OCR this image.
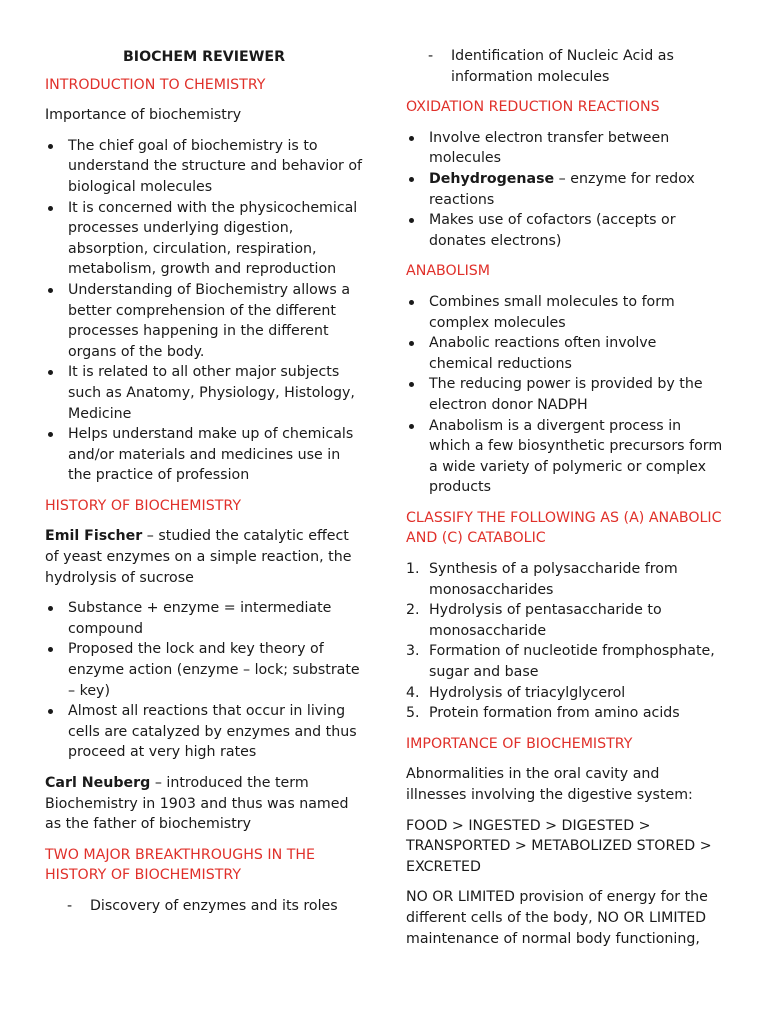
BIOCHEM REVIEWER
INTRODUCTION TO CHEMISTRY

Importance of biochemistry

The chief goal of biochemistry is to understand the structure and behavior of biological molecules
It is concerned with the physicochemical processes underlying digestion, absorption, circulation, respiration, metabolism, growth and reproduction
Understanding of Biochemistry allows a better comprehension of the different processes happening in the different organs of the body.
It is related to all other major subjects such as Anatomy, Physiology, Histology, Medicine
Helps understand make up of chemicals and/or materials and medicines use in the practice of profession
HISTORY OF BIOCHEMISTRY

Emil Fischer – studied the catalytic effect of yeast enzymes on a simple reaction, the hydrolysis of sucrose

Substance + enzyme = intermediate compound
Proposed the lock and key theory of enzyme action (enzyme – lock; substrate – key)
Almost all reactions that occur in living cells are catalyzed by enzymes and thus proceed at very high rates

Carl Neuberg – introduced the term Biochemistry in 1903 and thus was named as the father of biochemistry

TWO MAJOR BREAKTHROUGHS IN THE HISTORY OF BIOCHEMISTRY
- Discovery of enzymes and its roles
- Identification of Nucleic Acid as information molecules
OXIDATION REDUCTION REACTIONS
Involve electron transfer between molecules
Dehydrogenase – enzyme for redox reactions
Makes use of cofactors (accepts or donates electrons)
ANABOLISM
Combines small molecules to form complex molecules
Anabolic reactions often involve chemical reductions
The reducing power is provided by the electron donor NADPH
Anabolism is a divergent process in which a few biosynthetic precursors form a wide variety of polymeric or complex products
CLASSIFY THE FOLLOWING AS (A) ANABOLIC AND (C) CATABOLIC
1. Synthesis of a polysaccharide from monosaccharides
2. Hydrolysis of pentasaccharide to monosaccharide
3. Formation of nucleotide fromphosphate, sugar and base
4. Hydrolysis of triacylglycerol
5. Protein formation from amino acids
IMPORTANCE OF BIOCHEMISTRY

Abnormalities in the oral cavity and illnesses involving the digestive system:

FOOD > INGESTED > DIGESTED > TRANSPORTED > METABOLIZED STORED > EXCRETED

NO OR LIMITED provision of energy for the different cells of the body, NO OR LIMITED maintenance of normal body functioning,
